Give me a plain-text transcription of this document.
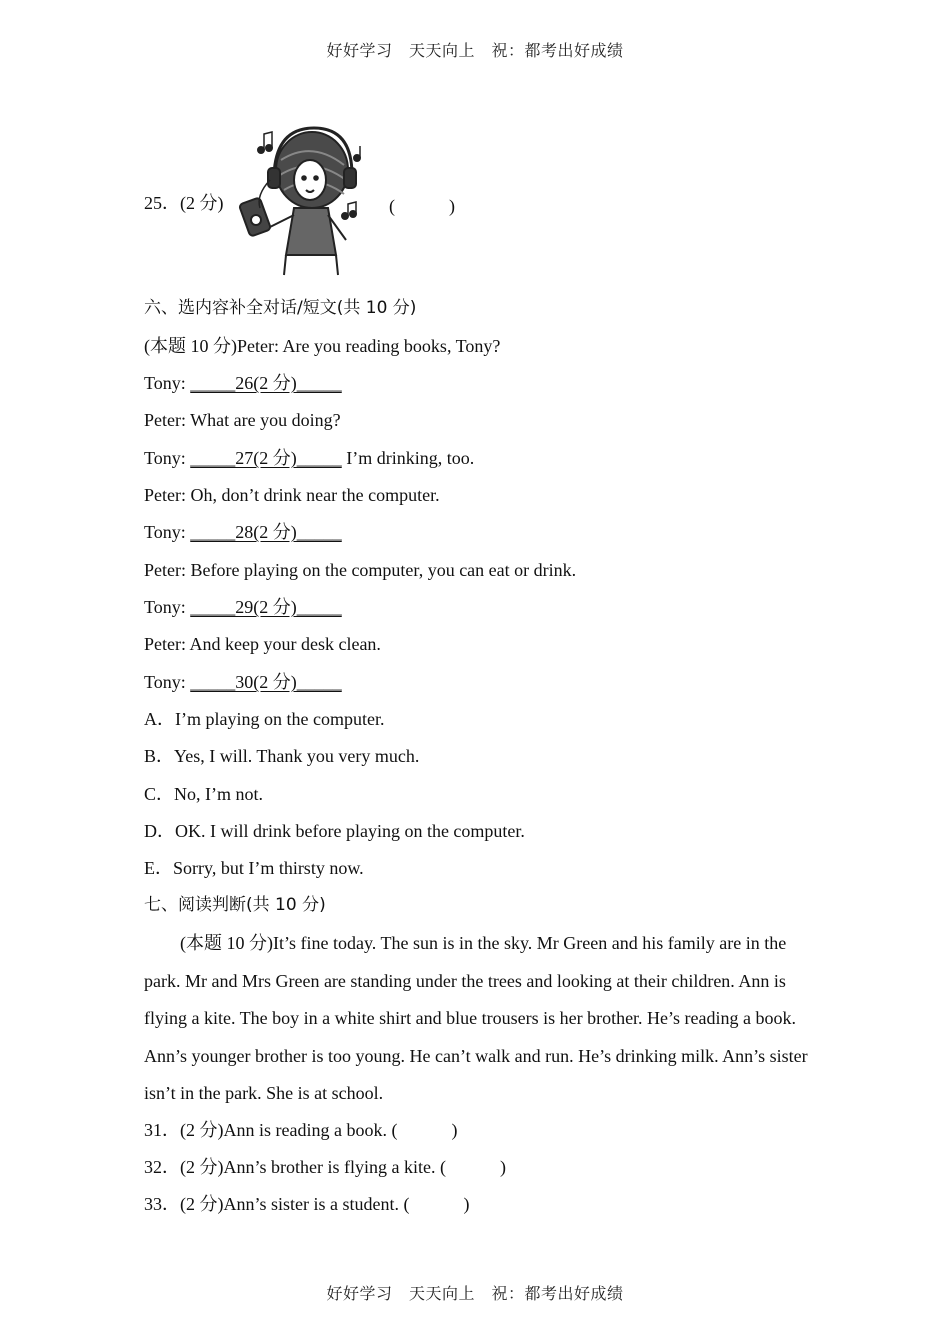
好好学习　天天向上　祝：都考出好成绩
25．(2 分)	(　　　)
六、选内容补全对话/短文(共 10 分)
(本题 10 分)Peter: Are you reading books, Tony?
Tony: _____26(2 分)_____
Peter: What are you doing?
Tony: _____27(2 分)_____ I’m drinking, too.
Peter: Oh, don’t drink near the computer.
Tony: _____28(2 分)_____
Peter: Before playing on the computer, you can eat or drink.
Tony: _____29(2 分)_____
Peter: And keep your desk clean.
Tony: _____30(2 分)_____
A．I’m playing on the computer.
B．Yes, I will. Thank you very much.
C．No, I’m not.
D．OK. I will drink before playing on the computer.
E．Sorry, but I’m thirsty now.
七、阅读判断(共 10 分)
　　(本题 10 分)It’s fine today. The sun is in the sky. Mr Green and his family are in the park. Mr and Mrs Green are standing under the trees and looking at their children. Ann is flying a kite. The boy in a white shirt and blue trousers is her brother. He’s reading a book. Ann’s younger brother is too young. He can’t walk and run. He’s drinking milk. Ann’s sister isn’t in the park. She is at school.
31．(2 分)Ann is reading a book. (　　　)
32．(2 分)Ann’s brother is flying a kite. (　　　)
33．(2 分)Ann’s sister is a student. (　　　)
好好学习　天天向上　祝：都考出好成绩
